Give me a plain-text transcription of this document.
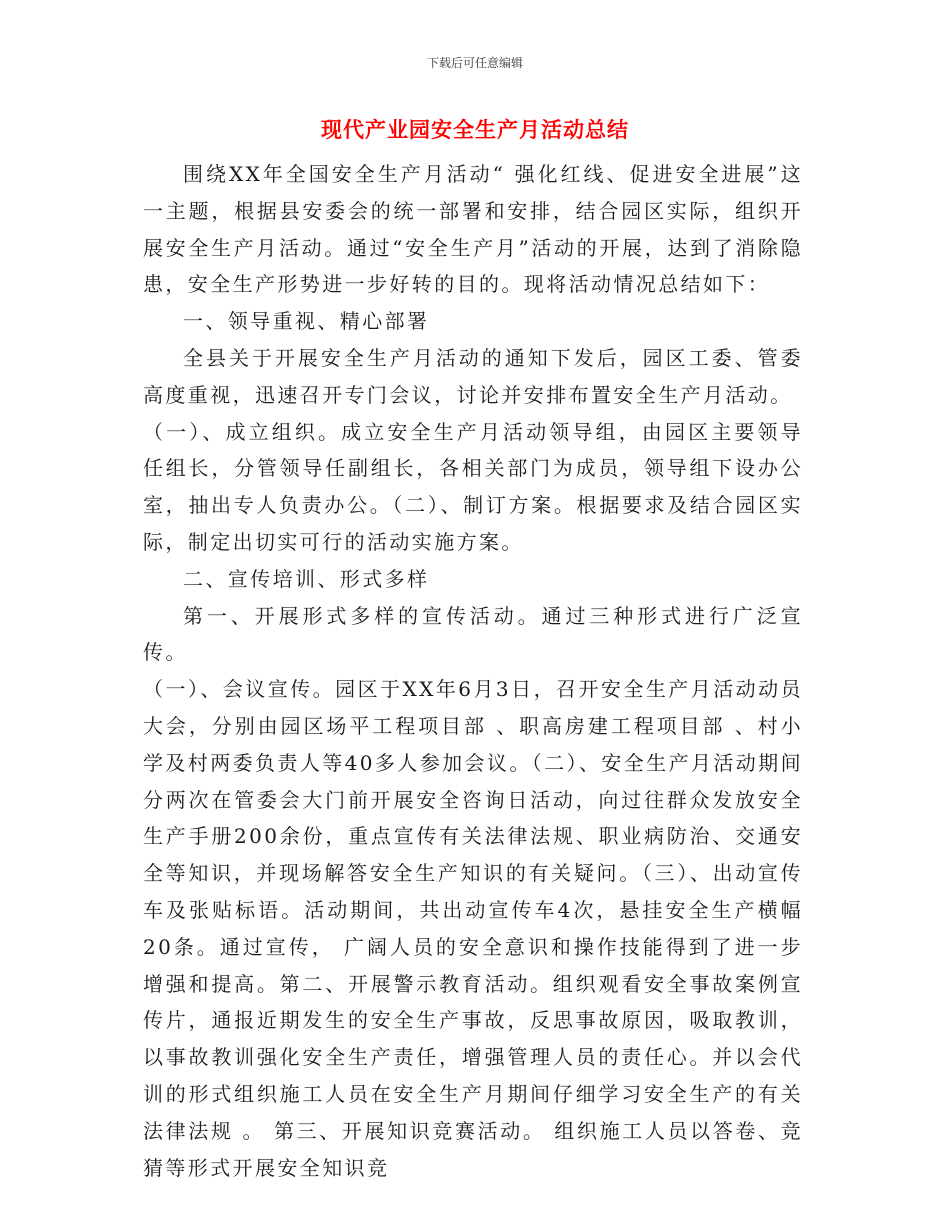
下载后可任意编辑
现代产业园安全生产月活动总结

围绕XX年全国安全生产月活动“ 强化红线、促进安全进展”这一主题，根据县安委会的统一部署和安排，结合园区实际，组织开展安全生产月活动。通过“安全生产月”活动的开展，达到了消除隐患，安全生产形势进一步好转的目的。现将活动情况总结如下：

一、领导重视、精心部署

全县关于开展安全生产月活动的通知下发后，园区工委、管委高度重视，迅速召开专门会议，讨论并安排布置安全生产月活动。

（一）、成立组织。成立安全生产月活动领导组，由园区主要领导任组长，分管领导任副组长，各相关部门为成员，领导组下设办公室，抽出专人负责办公。（二）、制订方案。根据要求及结合园区实际，制定出切实可行的活动实施方案。

二、宣传培训、形式多样

第一、开展形式多样的宣传活动。通过三种形式进行广泛宣传。

（一）、会议宣传。园区于XX年6月3日，召开安全生产月活动动员大会，分别由园区场平工程项目部 、职高房建工程项目部 、村小学及村两委负责人等40多人参加会议。（二）、安全生产月活动期间分两次在管委会大门前开展安全咨询日活动，向过往群众发放安全生产手册200余份，重点宣传有关法律法规、职业病防治、交通安全等知识，并现场解答安全生产知识的有关疑问。（三）、出动宣传车及张贴标语。活动期间，共出动宣传车4次，悬挂安全生产横幅20条。通过宣传， 广阔人员的安全意识和操作技能得到了进一步增强和提高。第二、开展警示教育活动。组织观看安全事故案例宣传片，通报近期发生的安全生产事故，反思事故原因，吸取教训，以事故教训强化安全生产责任，增强管理人员的责任心。并以会代训的形式组织施工人员在安全生产月期间仔细学习安全生产的有关法律法规 。 第三、开展知识竞赛活动。 组织施工人员以答卷、竞猜等形式开展安全知识竞
